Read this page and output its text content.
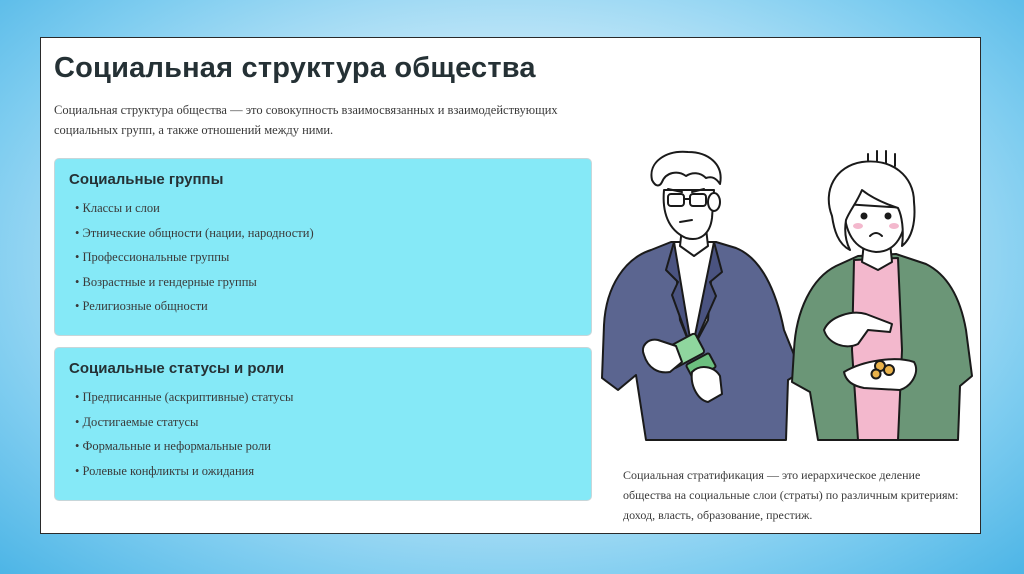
Социальная структура общества

Социальная структура общества — это совокупность взаимосвязанных и взаимодействующих социальных групп, а также отношений между ними.

Социальные группы
• Классы и слои
• Этнические общности (нации, народности)
• Профессиональные группы
• Возрастные и гендерные группы
• Религиозные общности
Социальные статусы и роли
• Предписанные (аскриптивные) статусы
• Достигаемые статусы
• Формальные и неформальные роли
• Ролевые конфликты и ожидания	Социальная стратификация — это иерархическое деление общества на социальные слои (страты) по различным критериям: доход, власть, образование, престиж.
